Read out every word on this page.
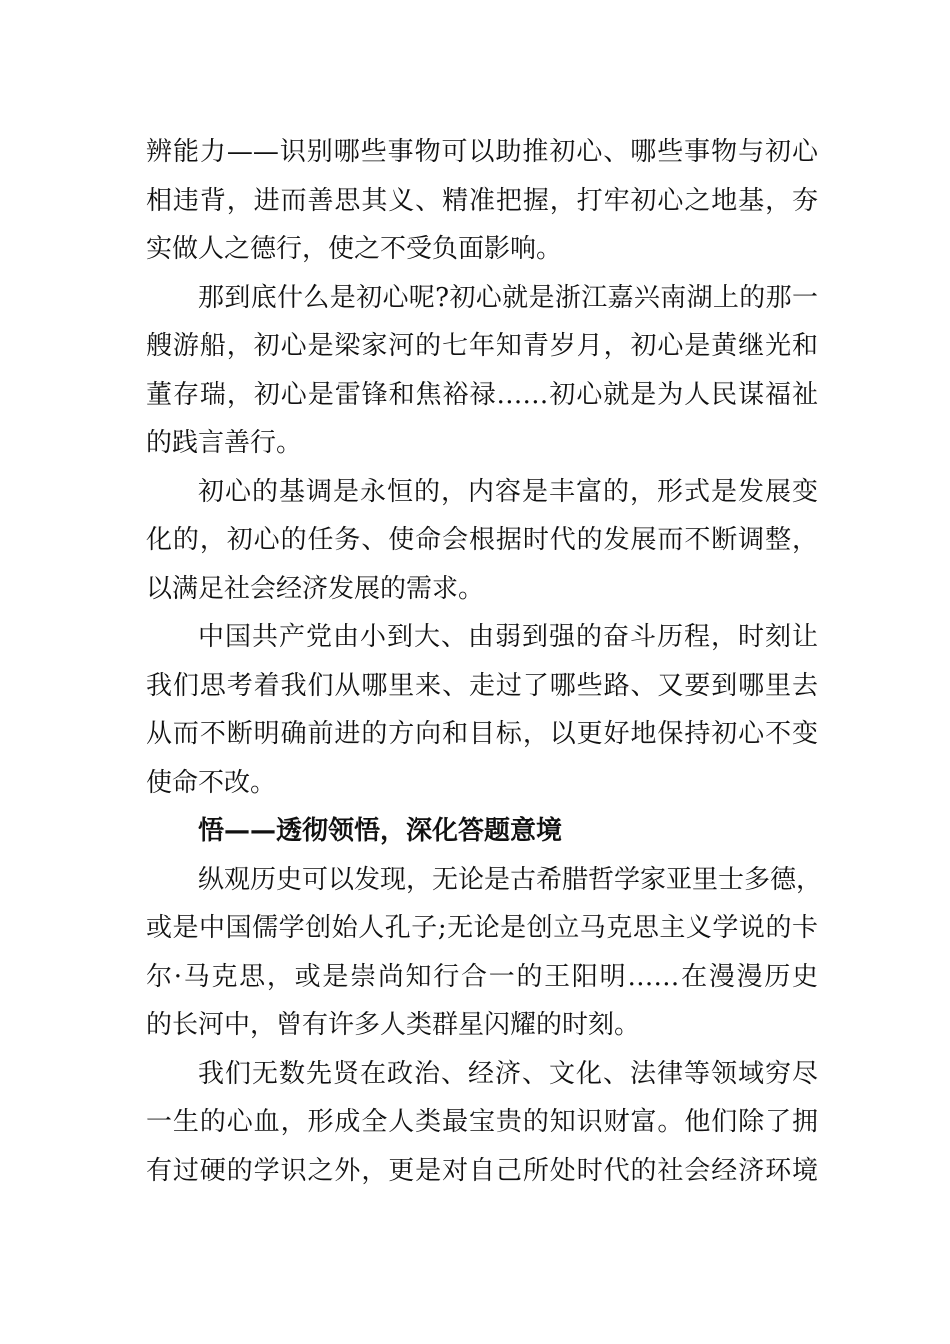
辨能力——识别哪些事物可以助推初心、哪些事物与初心
相违背，进而善思其义、精准把握，打牢初心之地基，夯
实做人之德行，使之不受负面影响。
那到底什么是初心呢?初心就是浙江嘉兴南湖上的那一
艘游船，初心是梁家河的七年知青岁月，初心是黄继光和
董存瑞，初心是雷锋和焦裕禄……初心就是为人民谋福祉
的践言善行。
初心的基调是永恒的，内容是丰富的，形式是发展变
化的，初心的任务、使命会根据时代的发展而不断调整，
以满足社会经济发展的需求。
中国共产党由小到大、由弱到强的奋斗历程，时刻让
我们思考着我们从哪里来、走过了哪些路、又要到哪里去
从而不断明确前进的方向和目标，以更好地保持初心不变
使命不改。
悟——透彻领悟，深化答题意境
纵观历史可以发现，无论是古希腊哲学家亚里士多德，
或是中国儒学创始人孔子;无论是创立马克思主义学说的卡
尔·马克思，或是崇尚知行合一的王阳明……在漫漫历史
的长河中，曾有许多人类群星闪耀的时刻。
我们无数先贤在政治、经济、文化、法律等领域穷尽
一生的心血，形成全人类最宝贵的知识财富。他们除了拥
有过硬的学识之外，更是对自己所处时代的社会经济环境
